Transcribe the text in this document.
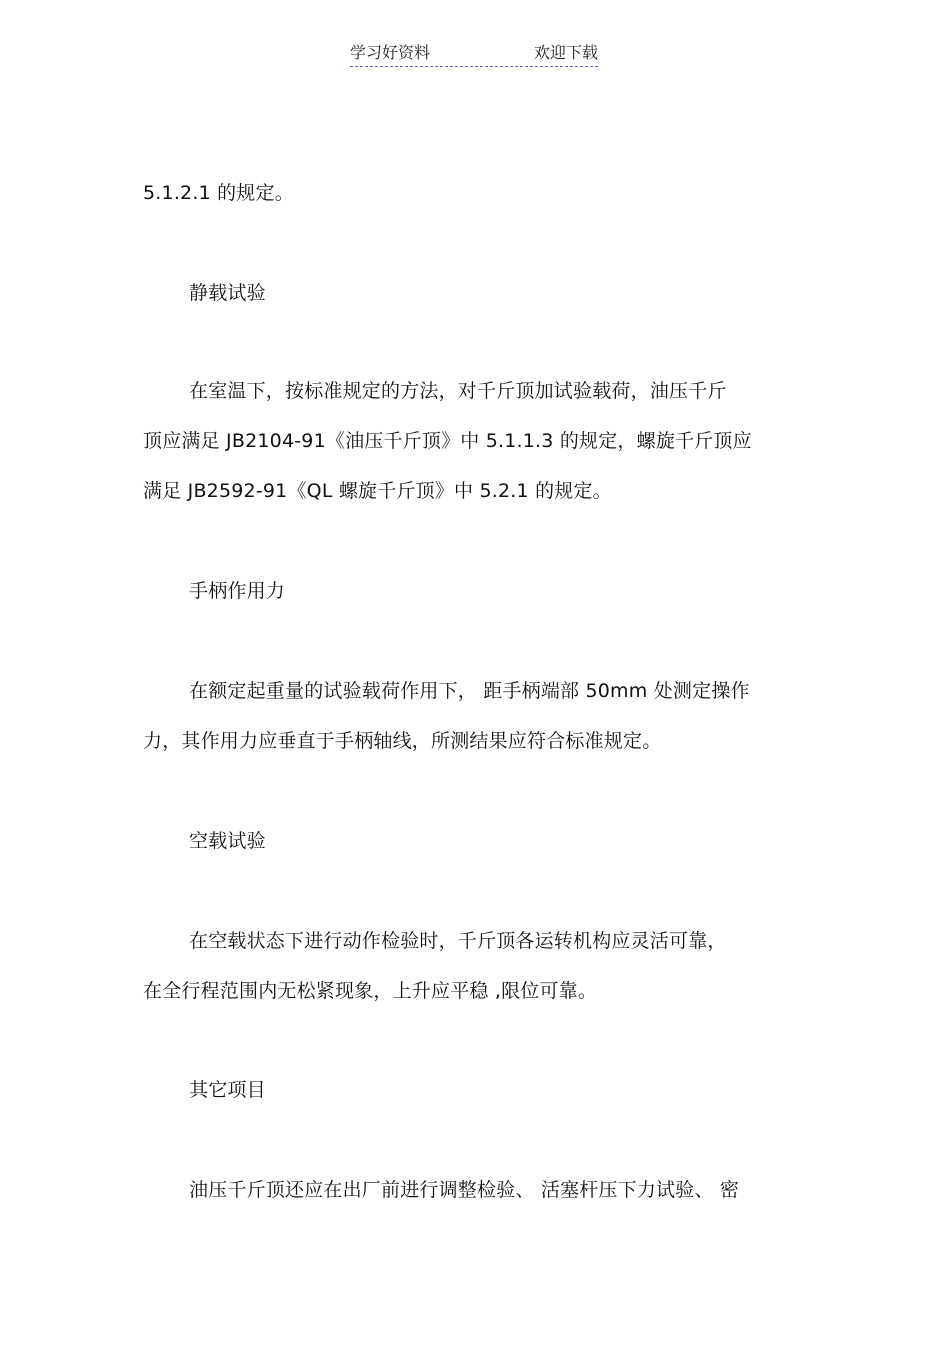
学习好资料	欢迎下载
5.1.2.1 的规定。
静载试验
在室温下，按标准规定的方法，对千斤顶加试验载荷，油压千斤
顶应满足 JB2104-91《油压千斤顶》中 5.1.1.3 的规定，螺旋千斤顶应
满足 JB2592-91《QL 螺旋千斤顶》中 5.2.1 的规定。
手柄作用力
在额定起重量的试验载荷作用下， 距手柄端部 50mm 处测定操作
力，其作用力应垂直于手柄轴线，所测结果应符合标准规定。
空载试验
在空载状态下进行动作检验时，千斤顶各运转机构应灵活可靠，
在全行程范围内无松紧现象，上升应平稳 ,限位可靠。
其它项目
油压千斤顶还应在出厂前进行调整检验、 活塞杆压下力试验、 密
